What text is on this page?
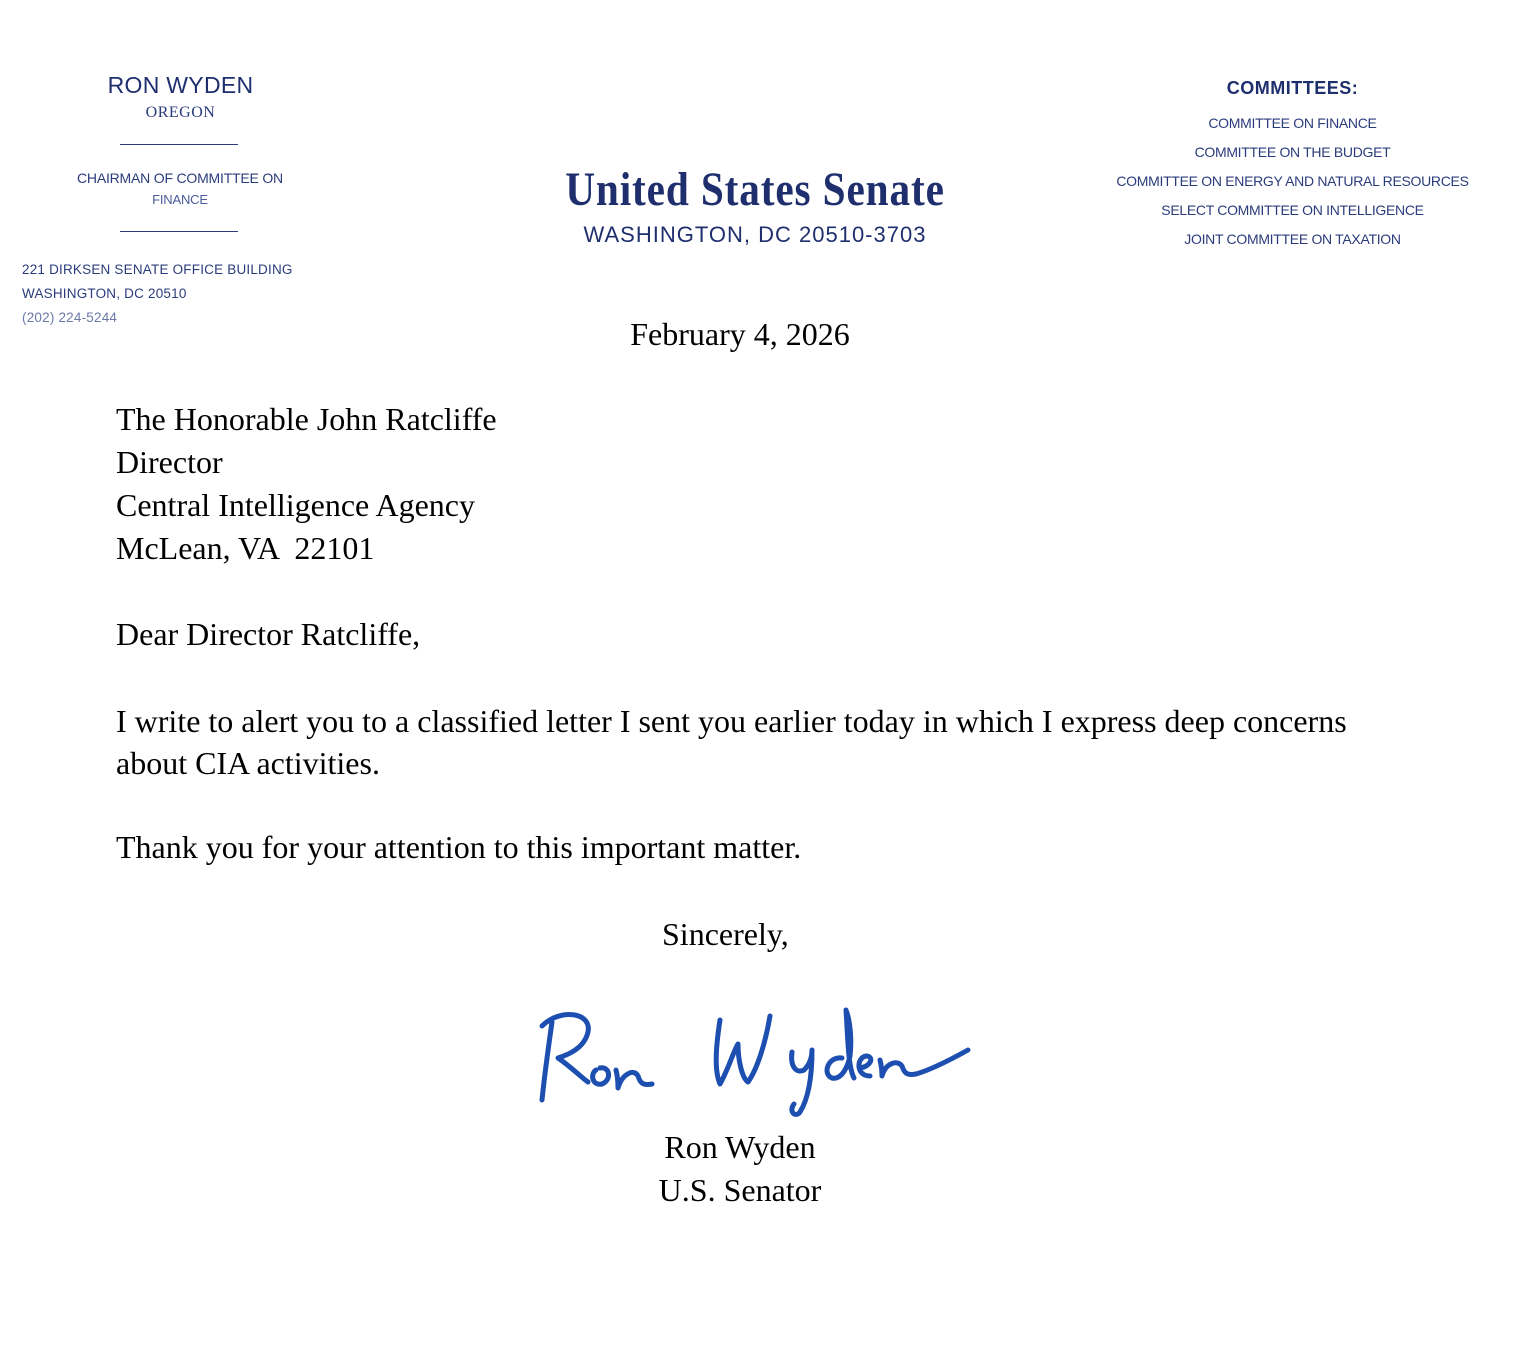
RON WYDEN
OREGON
CHAIRMAN OF COMMITTEE ON
FINANCE
221 DIRKSEN SENATE OFFICE BUILDING
WASHINGTON, DC 20510
(202) 224-5244
United States Senate
WASHINGTON, DC 20510-3703
COMMITTEES:
COMMITTEE ON FINANCE
COMMITTEE ON THE BUDGET
COMMITTEE ON ENERGY AND NATURAL RESOURCES
SELECT COMMITTEE ON INTELLIGENCE
JOINT COMMITTEE ON TAXATION
February 4, 2026
The Honorable John Ratcliffe
Director
Central Intelligence Agency
McLean, VA  22101
Dear Director Ratcliffe,
I write to alert you to a classified letter I sent you earlier today in which I express deep concerns about CIA activities.
Thank you for your attention to this important matter.
Sincerely,
Ron Wyden
U.S. Senator
